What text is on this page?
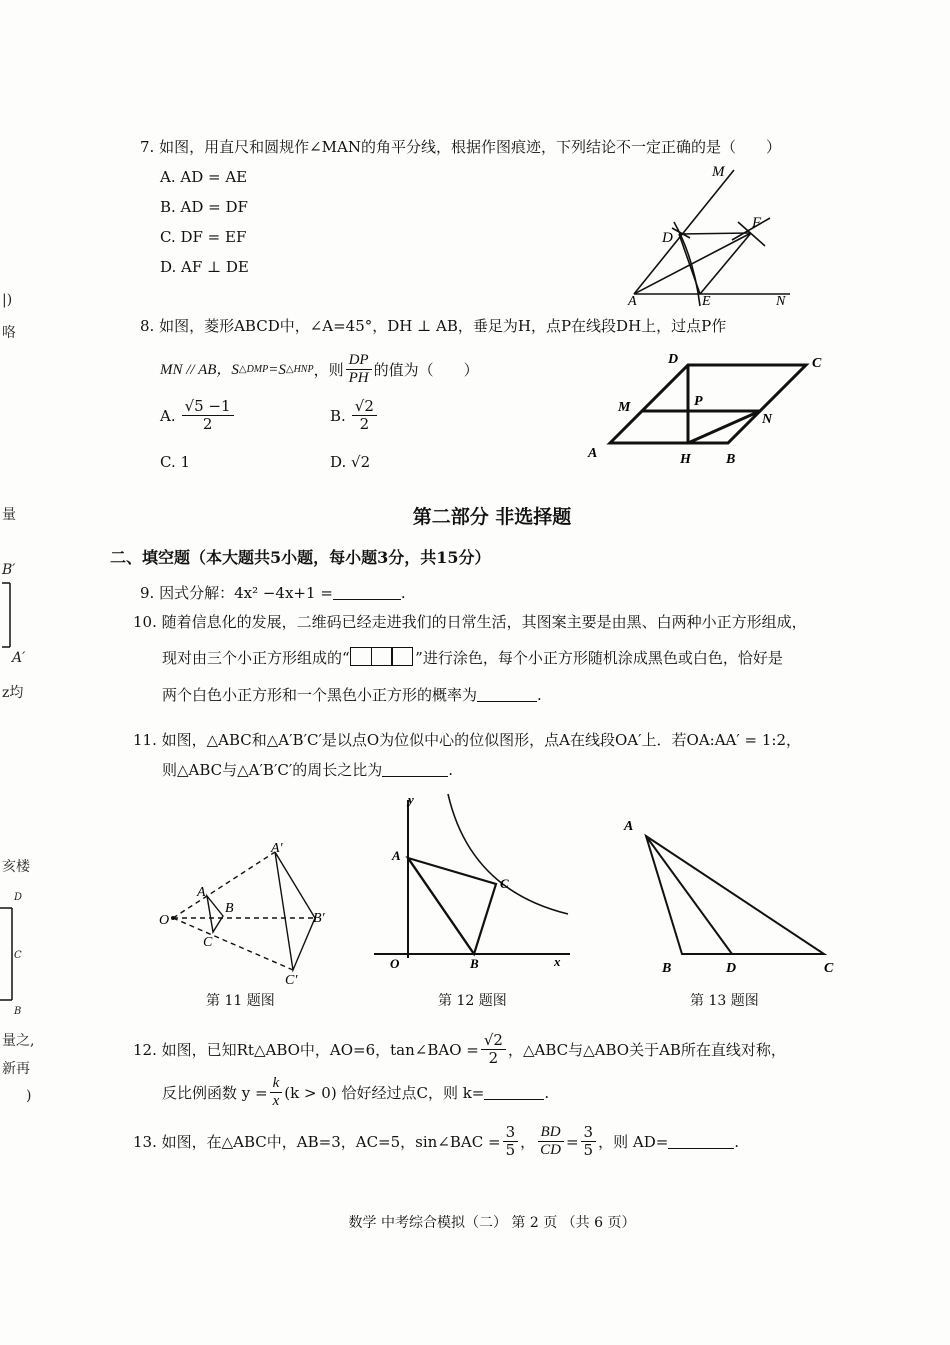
|)
咯
量
B′
A′
z均
亥楼
D
C
B
量之,
新再
)
7. 如图，用直尺和圆规作∠MAN的角平分线，根据作图痕迹，下列结论不一定正确的是（　　）
A. AD = AE
B. AD = DF
C. DF = EF
D. AF ⊥ DE
M
F
D
A	E	N
8. 如图，菱形ABCD中，∠A=45°，DH ⊥ AB，垂足为H，点P在线段DH上，过点P作
MN // AB，S △DMP =S △HNP ，则 $\frac{DP}{PH}$ 的值为（　　）
A. $\frac{√5 -1}{2}$	B. $\frac{√2}{2}$
C. 1	D. √2
D	C
M	P
N
A	H	B
第二部分 非选择题
二、填空题（本大题共5小题，每小题3分，共15分）
9. 因式分解：4x² −4x+1 =	.
10. 随着信息化的发展，二维码已经走进我们的日常生活，其图案主要是由黑、白两种小正方形组成，
现对由三个小正方形组成的“	”进行涂色，每个小正方形随机涂成黑色或白色，恰好是
两个白色小正方形和一个黑色小正方形的概率为	.
11. 如图，△ABC和△A′B′C′是以点O为位似中心的位似图形，点A在线段OA′上．若OA:AA′ = 1:2，
则△ABC与△A′B′C′的周长之比为	.
O
A
B
C
A′
B′
C′
y
x
O
A
B
C
A
B	D	C
第 11 题图	第 12 题图	第 13 题图
12. 如图，已知Rt△ABO中，AO=6，tan∠BAO = $\frac{√2}{2}$ ，△ABC与△ABO关于AB所在直线对称，
反比例函数 $y = \frac{k}{x} (k > 0)$ 恰好经过点C，则 k=	.
13. 如图，在△ABC中，AB=3，AC=5，sin∠BAC = $\frac{3}{5}$ ， $\frac{BD}{CD} = \frac{3}{5}$ ，则 AD=	.
数学 中考综合模拟（二） 第 2 页 （共 6 页）
